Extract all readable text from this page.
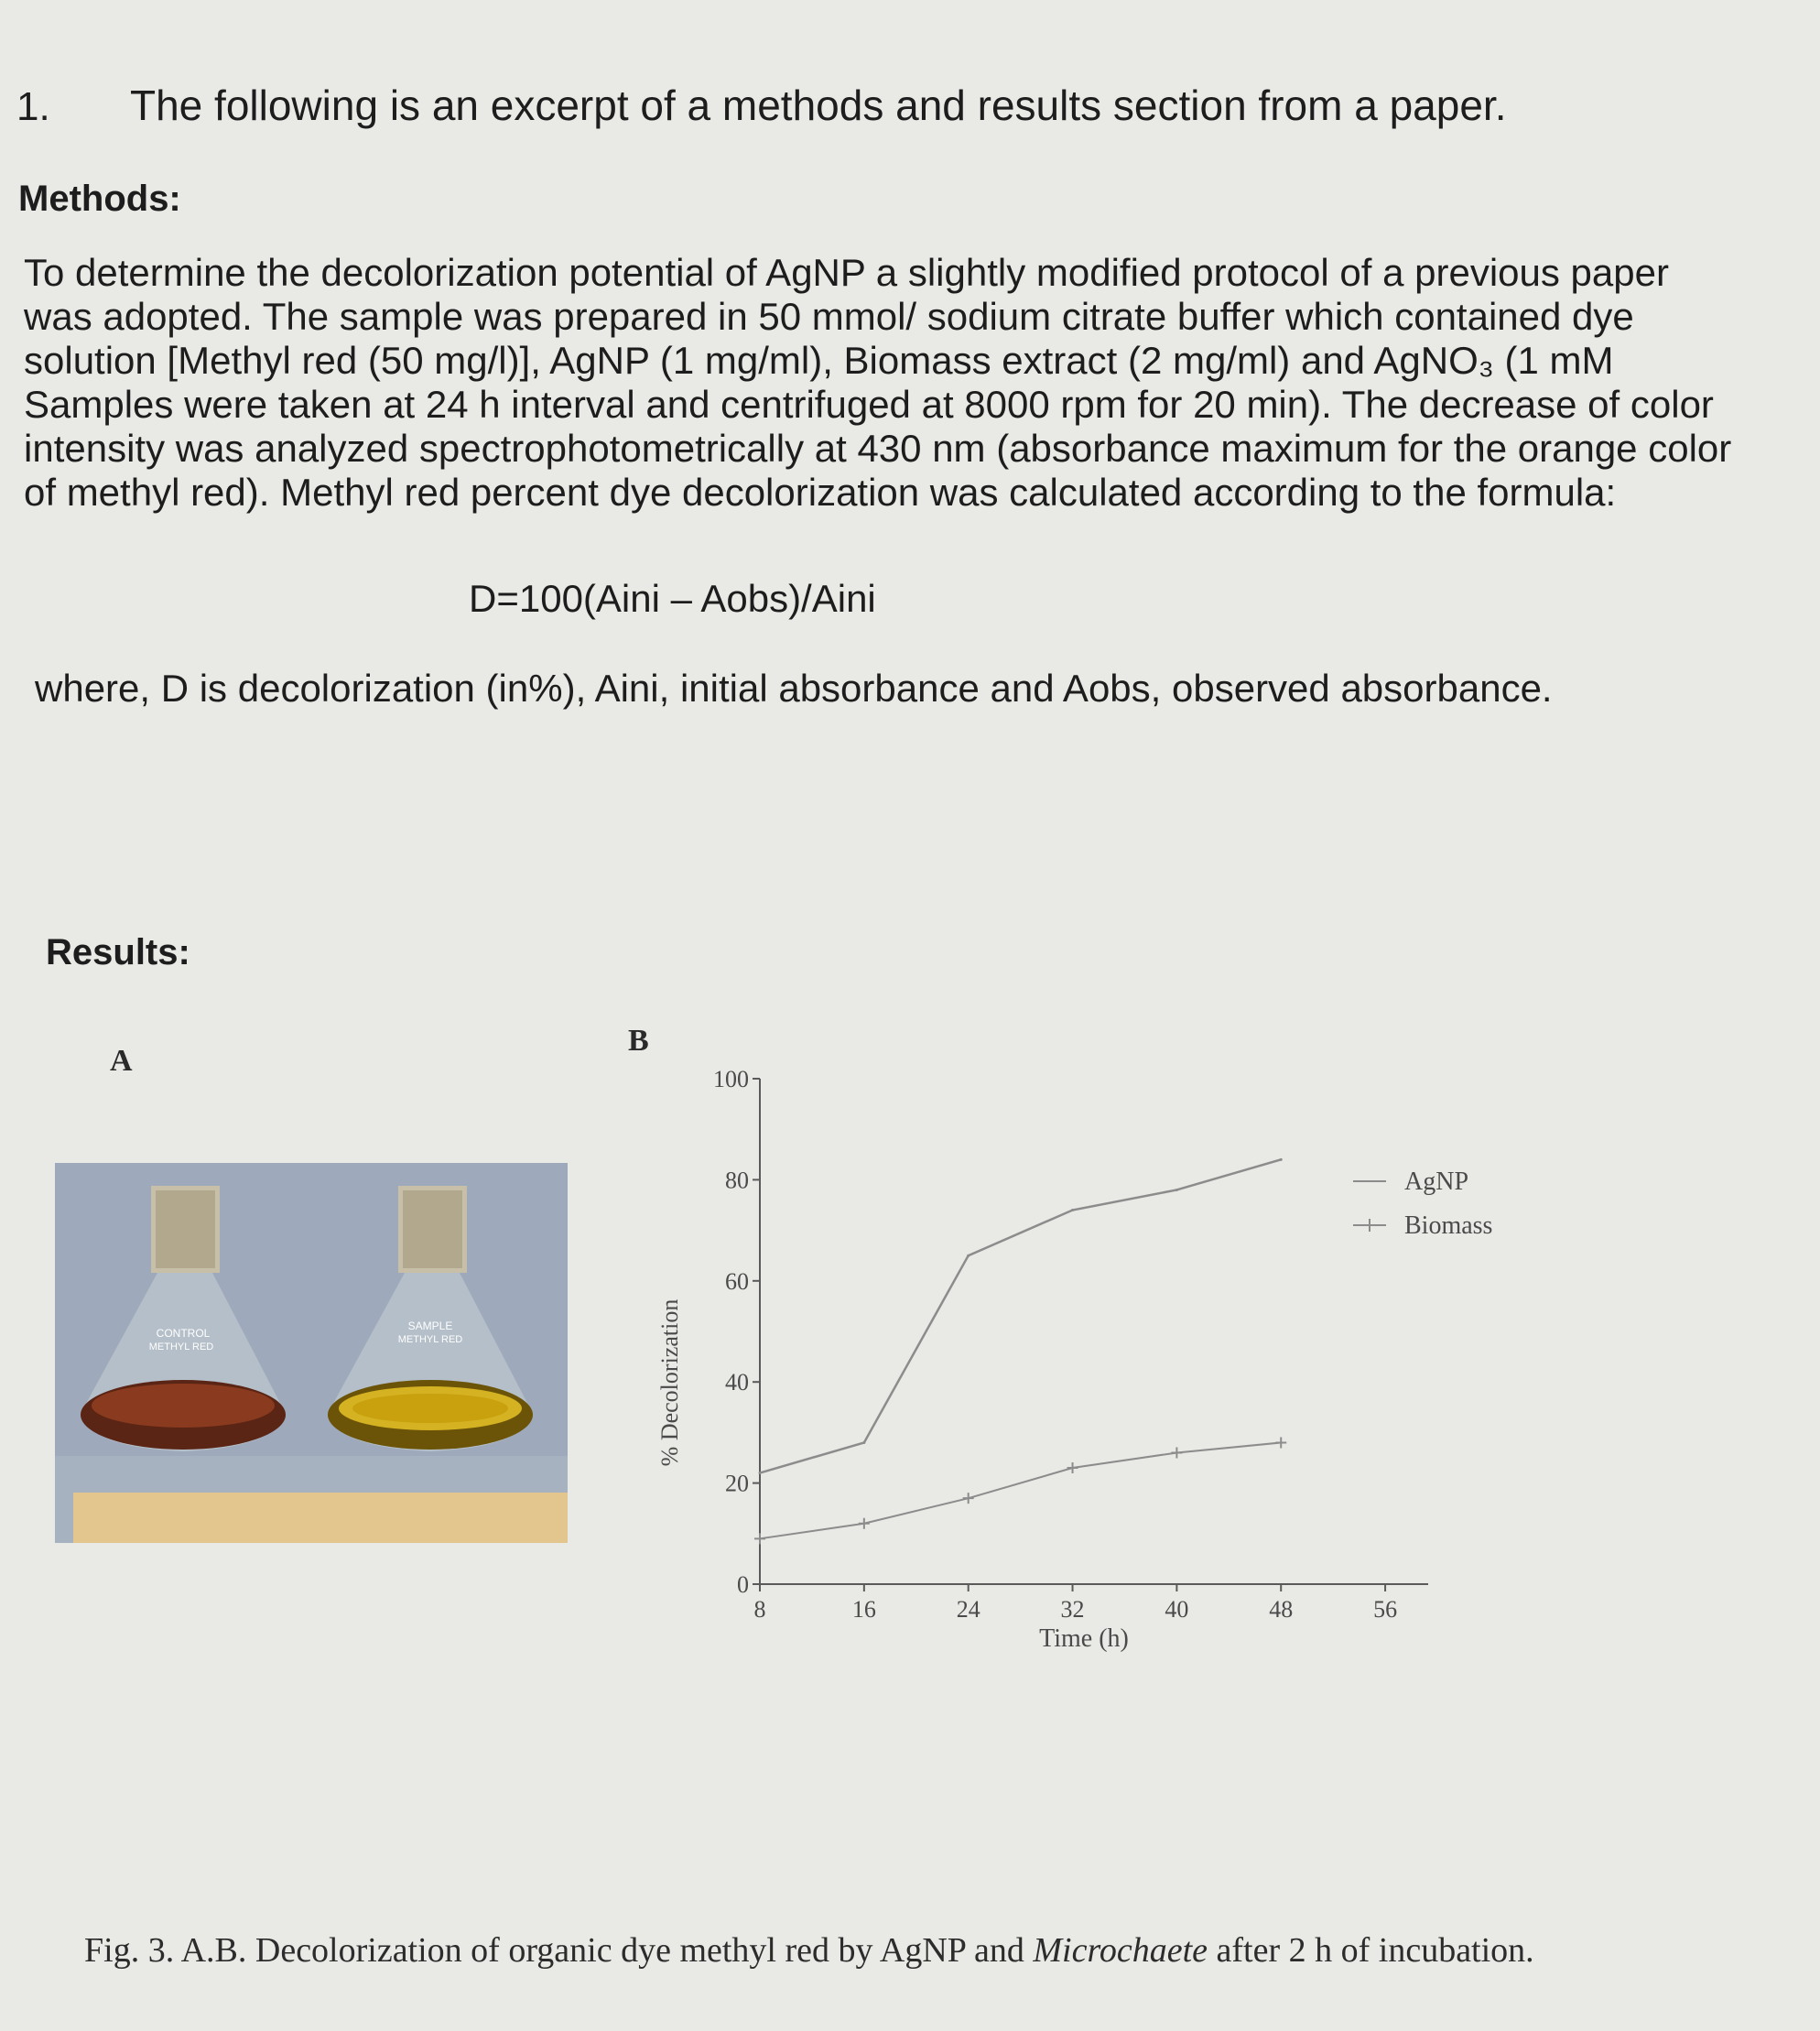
1. The following is an excerpt of a methods and results section from a paper.
Methods:
To determine the decolorization potential of AgNP a slightly modified protocol of a previous paper
was adopted. The sample was prepared in 50 mmol/ sodium citrate buffer which contained dye
solution [Methyl red (50 mg/l)], AgNP (1 mg/ml), Biomass extract (2 mg/ml) and AgNO₃ (1 mM
Samples were taken at 24 h interval and centrifuged at 8000 rpm for 20 min). The decrease of color
intensity was analyzed spectrophotometrically at 430 nm (absorbance maximum for the orange color
of methyl red). Methyl red percent dye decolorization was calculated according to the formula:
D=100(Aini – Aobs)/Aini
where, D is decolorization (in%), Aini, initial absorbance and Aobs, observed absorbance.
Results:
A
B
CONTROL
METHYL RED
SAMPLE
METHYL RED
0
20
40
60
80
100
8	16	24	32	40	48	56
AgNP
Biomass
% Decolorization
Time (h)
Fig. 3. A.B. Decolorization of organic dye methyl red by AgNP and Microchaete after 2 h of incubation.
